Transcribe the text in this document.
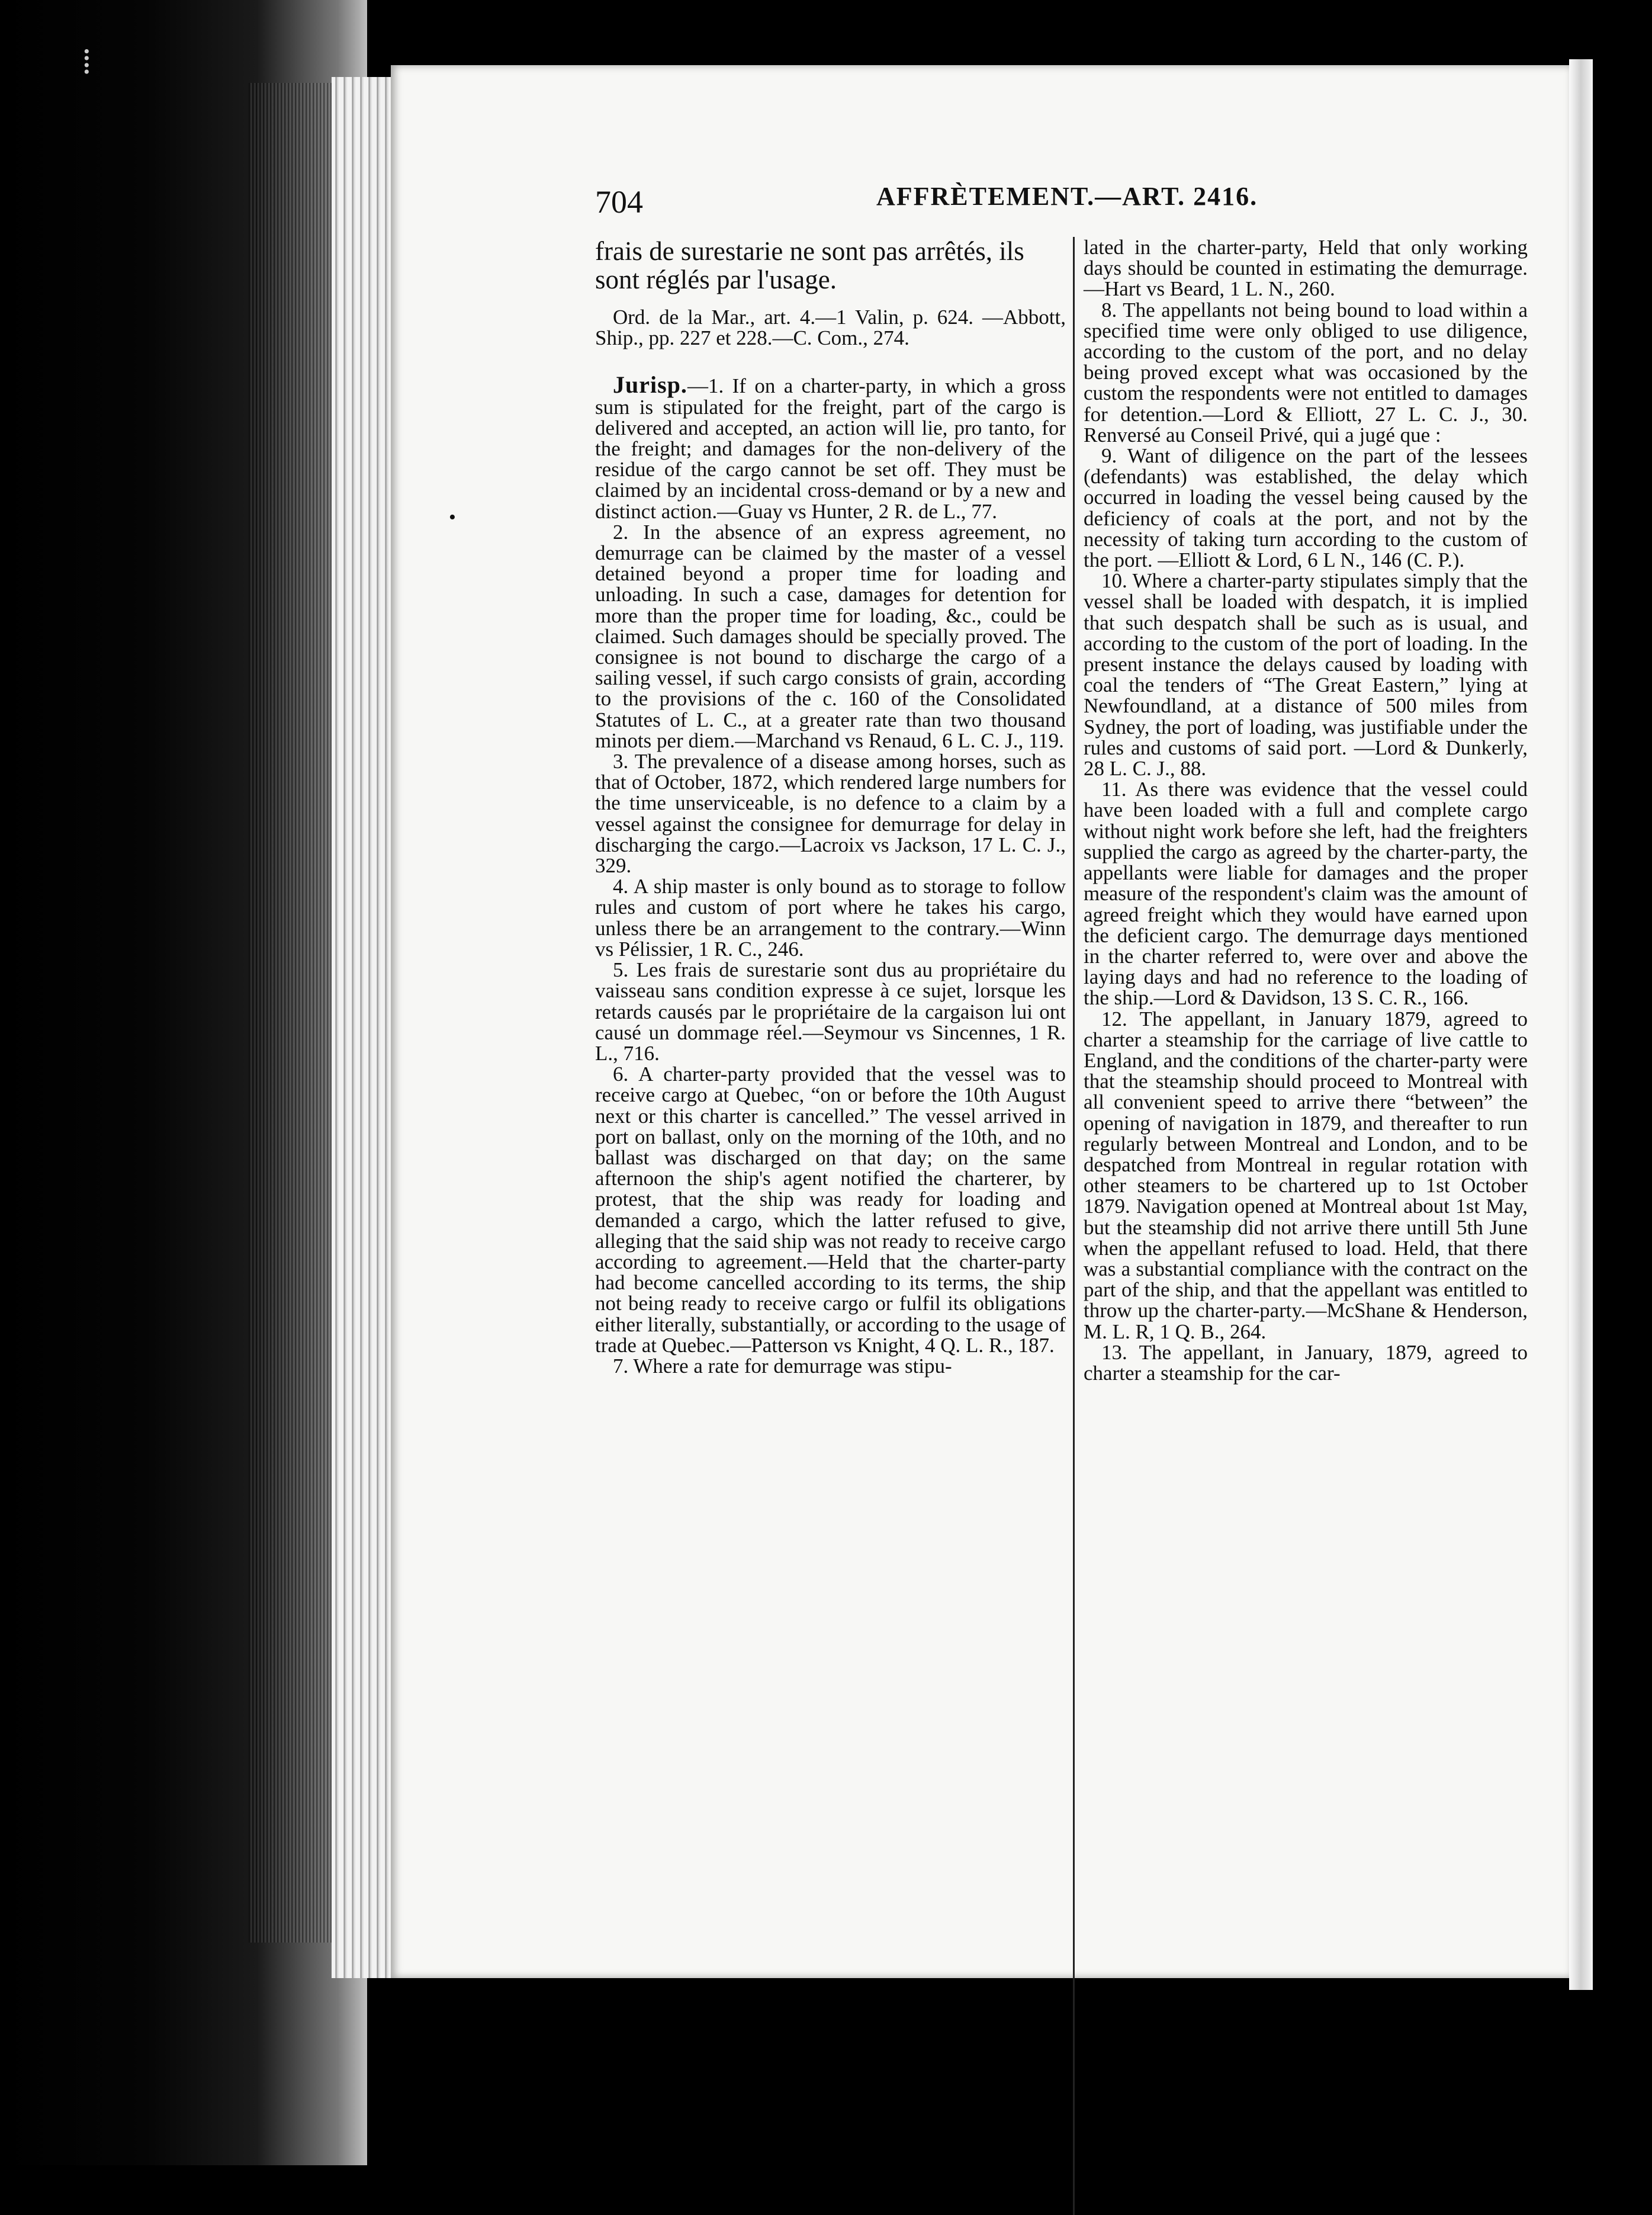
⁞
•
704	AFFRÈTEMENT.—ART. 2416.

frais de surestarie ne sont pas arrêtés, ils sont réglés par l'usage.

Ord. de la Mar., art. 4.—1 Valin, p. 624. —Abbott, Ship., pp. 227 et 228.—C. Com., 274.

Jurisp.—1. If on a charter-party, in which a gross sum is stipulated for the freight, part of the cargo is delivered and accepted, an action will lie, pro tanto, for the freight; and damages for the non-delivery of the residue of the cargo cannot be set off. They must be claimed by an incidental cross-demand or by a new and distinct action.—Guay vs Hunter, 2 R. de L., 77.

2. In the absence of an express agreement, no demurrage can be claimed by the master of a vessel detained beyond a proper time for loading and unloading. In such a case, damages for detention for more than the proper time for loading, &c., could be claimed. Such damages should be specially proved. The consignee is not bound to discharge the cargo of a sailing vessel, if such cargo consists of grain, according to the provisions of the c. 160 of the Consolidated Statutes of L. C., at a greater rate than two thousand minots per diem.—Marchand vs Renaud, 6 L. C. J., 119.

3. The prevalence of a disease among horses, such as that of October, 1872, which rendered large numbers for the time unserviceable, is no defence to a claim by a vessel against the consignee for demurrage for delay in discharging the cargo.—Lacroix vs Jackson, 17 L. C. J., 329.

4. A ship master is only bound as to storage to follow rules and custom of port where he takes his cargo, unless there be an arrangement to the contrary.—Winn vs Pélissier, 1 R. C., 246.

5. Les frais de surestarie sont dus au propriétaire du vaisseau sans condition expresse à ce sujet, lorsque les retards causés par le propriétaire de la cargaison lui ont causé un dommage réel.—Seymour vs Sincennes, 1 R. L., 716.

6. A charter-party provided that the vessel was to receive cargo at Quebec, “on or before the 10th August next or this charter is cancelled.” The vessel arrived in port on ballast, only on the morning of the 10th, and no ballast was discharged on that day; on the same afternoon the ship's agent notified the charterer, by protest, that the ship was ready for loading and demanded a cargo, which the latter refused to give, alleging that the said ship was not ready to receive cargo according to agreement.—Held that the charter-party had become cancelled according to its terms, the ship not being ready to receive cargo or fulfil its obligations either literally, substantially, or according to the usage of trade at Quebec.—Patterson vs Knight, 4 Q. L. R., 187.

7. Where a rate for demurrage was stipu-

lated in the charter-party, Held that only working days should be counted in estimating the demurrage.—Hart vs Beard, 1 L. N., 260.

8. The appellants not being bound to load within a specified time were only obliged to use diligence, according to the custom of the port, and no delay being proved except what was occasioned by the custom the respondents were not entitled to damages for detention.—Lord & Elliott, 27 L. C. J., 30. Renversé au Conseil Privé, qui a jugé que :

9. Want of diligence on the part of the lessees (defendants) was established, the delay which occurred in loading the vessel being caused by the deficiency of coals at the port, and not by the necessity of taking turn according to the custom of the port. —Elliott & Lord, 6 L N., 146 (C. P.).

10. Where a charter-party stipulates simply that the vessel shall be loaded with despatch, it is implied that such despatch shall be such as is usual, and according to the custom of the port of loading. In the present instance the delays caused by loading with coal the tenders of “The Great Eastern,” lying at Newfoundland, at a distance of 500 miles from Sydney, the port of loading, was justifiable under the rules and customs of said port. —Lord & Dunkerly, 28 L. C. J., 88.

11. As there was evidence that the vessel could have been loaded with a full and complete cargo without night work before she left, had the freighters supplied the cargo as agreed by the charter-party, the appellants were liable for damages and the proper measure of the respondent's claim was the amount of agreed freight which they would have earned upon the deficient cargo. The demurrage days mentioned in the charter referred to, were over and above the laying days and had no reference to the loading of the ship.—Lord & Davidson, 13 S. C. R., 166.

12. The appellant, in January 1879, agreed to charter a steamship for the carriage of live cattle to England, and the conditions of the charter-party were that the steamship should proceed to Montreal with all convenient speed to arrive there “between” the opening of navigation in 1879, and thereafter to run regularly between Montreal and London, and to be despatched from Montreal in regular rotation with other steamers to be chartered up to 1st October 1879. Navigation opened at Montreal about 1st May, but the steamship did not arrive there untill 5th June when the appellant refused to load. Held, that there was a substantial compliance with the contract on the part of the ship, and that the appellant was entitled to throw up the charter-party.—McShane & Henderson, M. L. R, 1 Q. B., 264.

13. The appellant, in January, 1879, agreed to charter a steamship for the car-
